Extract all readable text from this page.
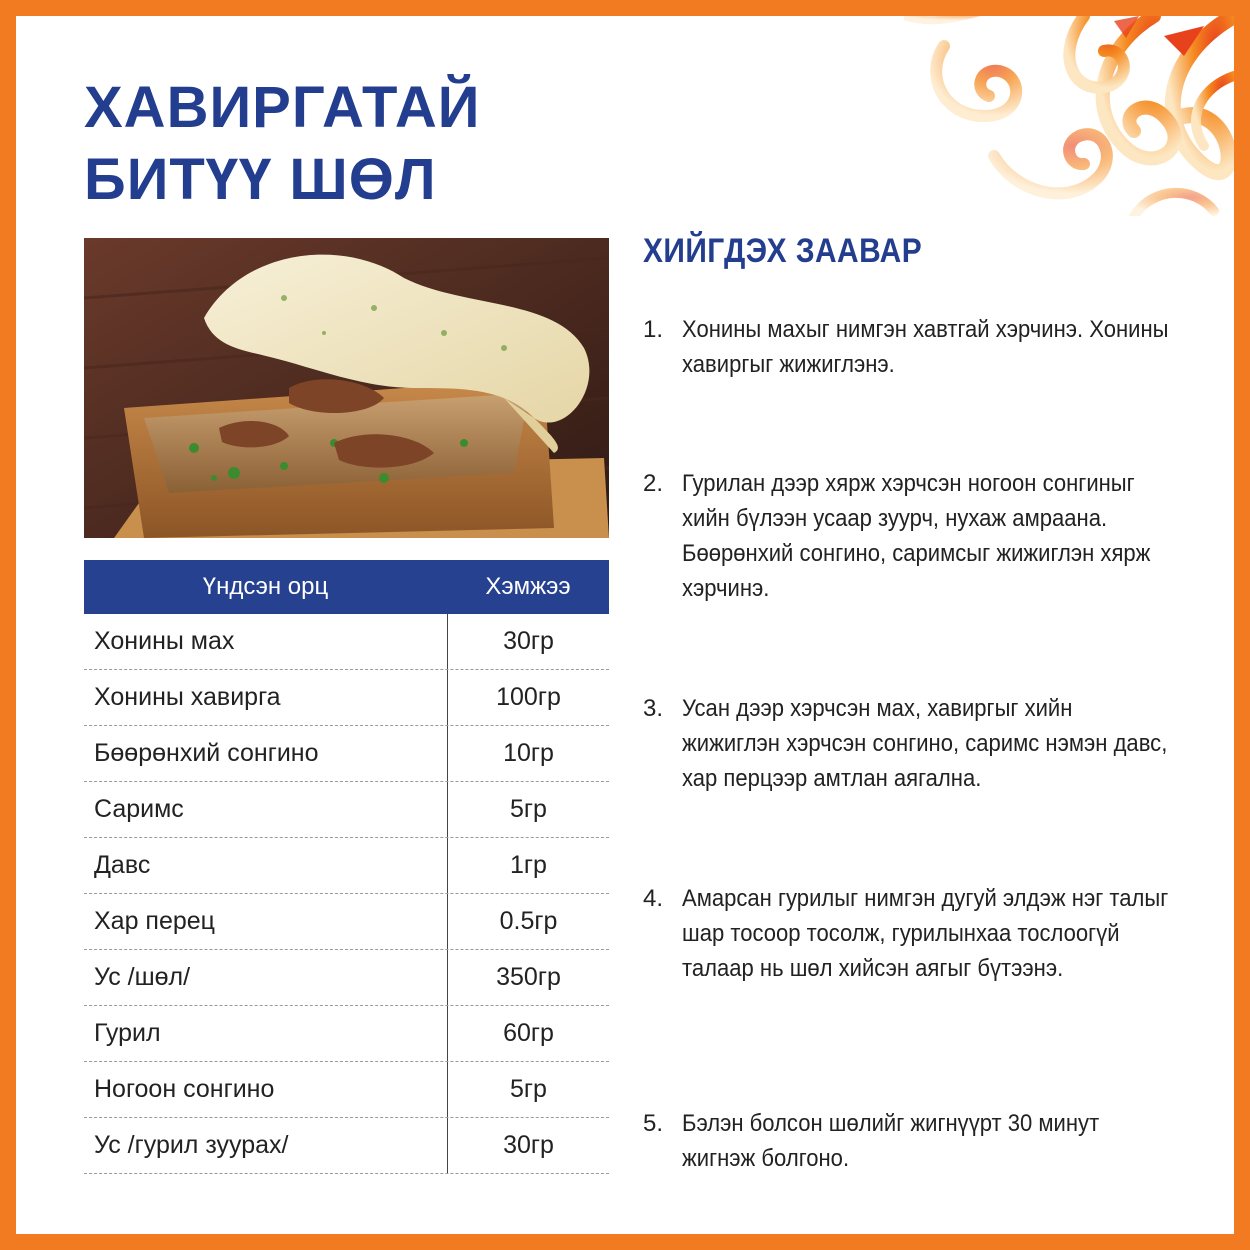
ХАВИРГАТАЙ
БИТҮҮ ШӨЛ
Үндсэн орц	Хэмжээ
Хонины мах	30гр
Хонины хавирга	100гр
Бөөрөнхий сонгино	10гр
Саримс	5гр
Давс	1гр
Хар перец	0.5гр
Ус /шөл/	350гр
Гурил	60гр
Ногоон сонгино	5гр
Ус /гурил зуурах/	30гр
ХИЙГДЭХ ЗААВАР
1. Хонины махыг нимгэн хавтгай хэрчинэ. Хонины хавиргыг жижиглэнэ.
2. Гурилан дээр хярж хэрчсэн ногоон сонгиныг хийн бүлээн усаар зуурч, нухаж амраана. Бөөрөнхий сонгино, саримсыг жижиглэн хярж хэрчинэ.
3. Усан дээр хэрчсэн мах, хавиргыг хийн жижиглэн хэрчсэн сонгино, саримс нэмэн давс, хар перцээр амтлан аягална.
4. Амарсан гурилыг нимгэн дугуй элдэж нэг талыг шар тосоор тосолж, гурилынхаа тослоогүй талаар нь шөл хийсэн аягыг бүтээнэ.
5. Бэлэн болсон шөлийг жигнүүрт 30 минут жигнэж болгоно.
